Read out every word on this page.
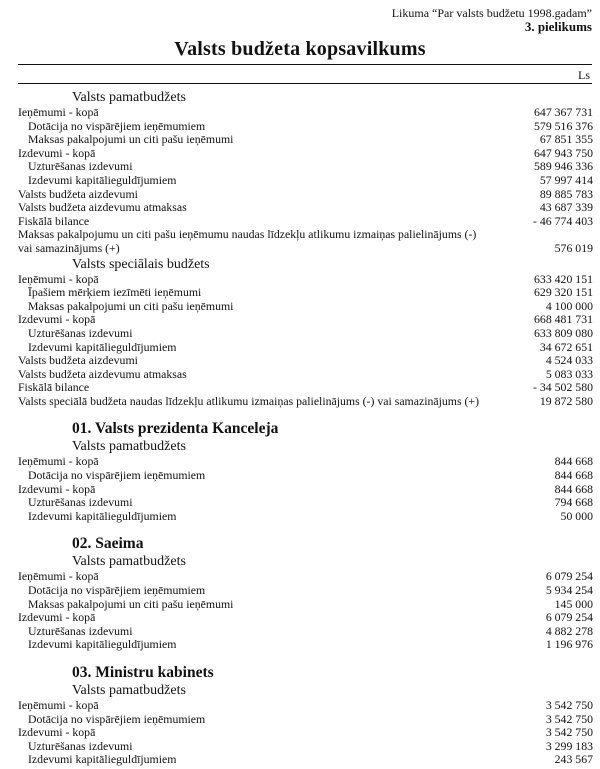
Likuma “Par valsts budžetu 1998.gadam”
3. pielikums
Valsts budžeta kopsavilkums
Ls
Valsts pamatbudžets
Ieņēmumi - kopā	647 367 731
Dotācija no vispārējiem ieņēmumiem	579 516 376
Maksas pakalpojumi un citi pašu ieņēmumi	67 851 355
Izdevumi - kopā	647 943 750
Uzturēšanas izdevumi	589 946 336
Izdevumi kapitālieguldījumiem	57 997 414
Valsts budžeta aizdevumi	89 885 783
Valsts budžeta aizdevumu atmaksas	43 687 339
Fiskālā bilance	- 46 774 403
Maksas pakalpojumu un citi pašu ieņēmumu naudas līdzekļu atlikumu izmaiņas palielinājums (-) vai samazinājums (+)	576 019
Valsts speciālais budžets
Ieņēmumi - kopā	633 420 151
Īpašiem mērķiem iezīmēti ieņēmumi	629 320 151
Maksas pakalpojumi un citi pašu ieņēmumi	4 100 000
Izdevumi - kopā	668 481 731
Uzturēšanas izdevumi	633 809 080
Izdevumi kapitālieguldījumiem	34 672 651
Valsts budžeta aizdevumi	4 524 033
Valsts budžeta aizdevumu atmaksas	5 083 033
Fiskālā bilance	- 34 502 580
Valsts speciālā budžeta naudas līdzekļu atlikumu izmaiņas palielinājums (-) vai samazinājums (+)	19 872 580
01. Valsts prezidenta Kanceleja
Valsts pamatbudžets
Ieņēmumi - kopā	844 668
Dotācija no vispārējiem ieņēmumiem	844 668
Izdevumi - kopā	844 668
Uzturēšanas izdevumi	794 668
Izdevumi kapitālieguldījumiem	50 000
02. Saeima
Valsts pamatbudžets
Ieņēmumi - kopā	6 079 254
Dotācija no vispārējiem ieņēmumiem	5 934 254
Maksas pakalpojumi un citi pašu ieņēmumi	145 000
Izdevumi - kopā	6 079 254
Uzturēšanas izdevumi	4 882 278
Izdevumi kapitālieguldījumiem	1 196 976
03. Ministru kabinets
Valsts pamatbudžets
Ieņēmumi - kopā	3 542 750
Dotācija no vispārējiem ieņēmumiem	3 542 750
Izdevumi - kopā	3 542 750
Uzturēšanas izdevumi	3 299 183
Izdevumi kapitālieguldījumiem	243 567
